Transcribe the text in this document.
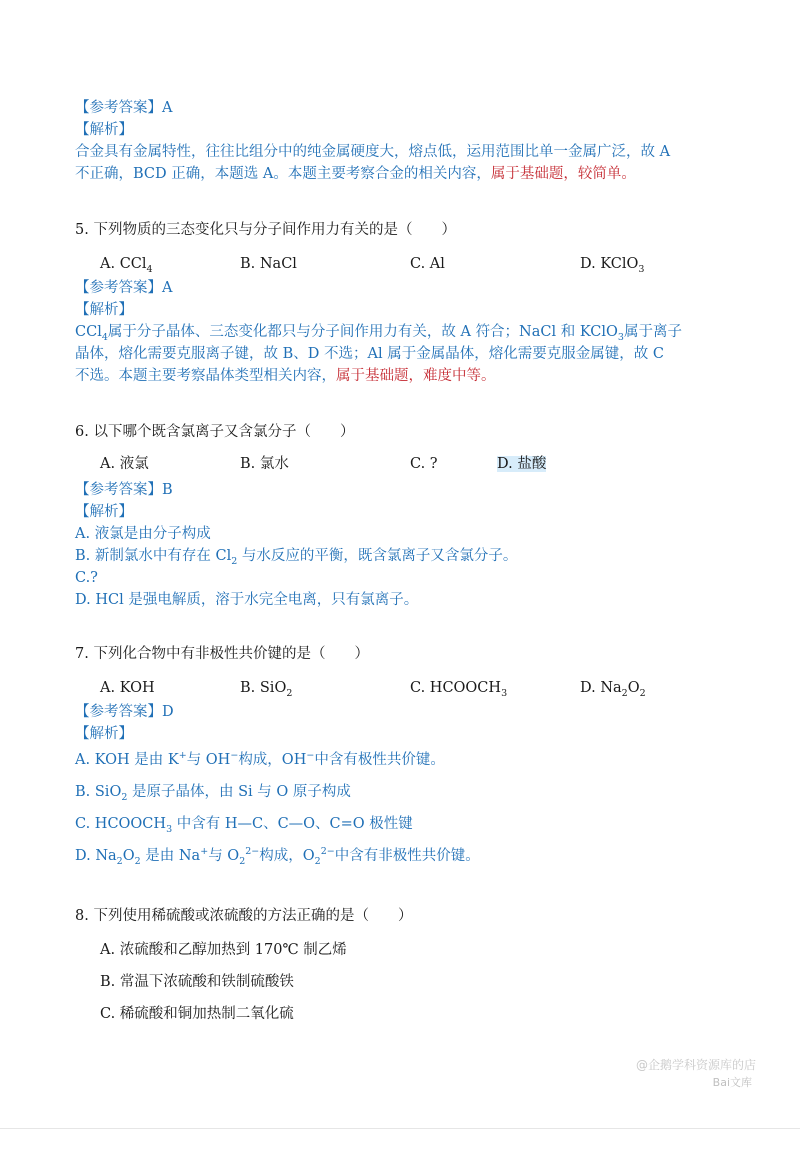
【参考答案】A
【解析】
合金具有金属特性，往往比组分中的纯金属硬度大，熔点低，运用范围比单一金属广泛，故 A
不正确，BCD 正确，本题选 A。本题主要考察合金的相关内容，属于基础题，较简单。
5. 下列物质的三态变化只与分子间作用力有关的是（　　）
A. CCl$_4$	B. NaCl	C. Al	D. KClO$_3$
【参考答案】A
【解析】
CCl$_4$属于分子晶体、三态变化都只与分子间作用力有关，故 A 符合；NaCl 和 KClO$_3$属于离子
晶体，熔化需要克服离子键，故 B、D 不选；Al 属于金属晶体，熔化需要克服金属键，故 C
不选。本题主要考察晶体类型相关内容，属于基础题，难度中等。
6. 以下哪个既含氯离子又含氯分子（　　）
A. 液氯	B. 氯水	C. ?	D. 盐酸
【参考答案】B
【解析】
A. 液氯是由分子构成
B. 新制氯水中有存在 $Cl_2$ 与水反应的平衡，既含氯离子又含氯分子。
C.?
D. HCl 是强电解质，溶于水完全电离，只有氯离子。
7. 下列化合物中有非极性共价键的是（　　）
A. KOH	B. SiO$_2$	C. $HCOOCH_3$	D. $Na_2O_2$
【参考答案】D
【解析】
A. KOH 是由 K+与 OH−构成，OH−中含有极性共价键。
B. SiO$_2$ 是原子晶体，由 Si 与 O 原子构成
C. $HCOOCH_3$ 中含有 H—C、C—O、C=O 极性键
D. $Na_2O_2$ 是由 Na+与 $O_2^{2-}$构成，$O_2^{2-}$中含有非极性共价键。
8. 下列使用稀硫酸或浓硫酸的方法正确的是（　　）
A. 浓硫酸和乙醇加热到 170℃ 制乙烯
B. 常温下浓硫酸和铁制硫酸铁
C. 稀硫酸和铜加热制二氧化硫
@企鹅学科资源库的店
Bai文库
